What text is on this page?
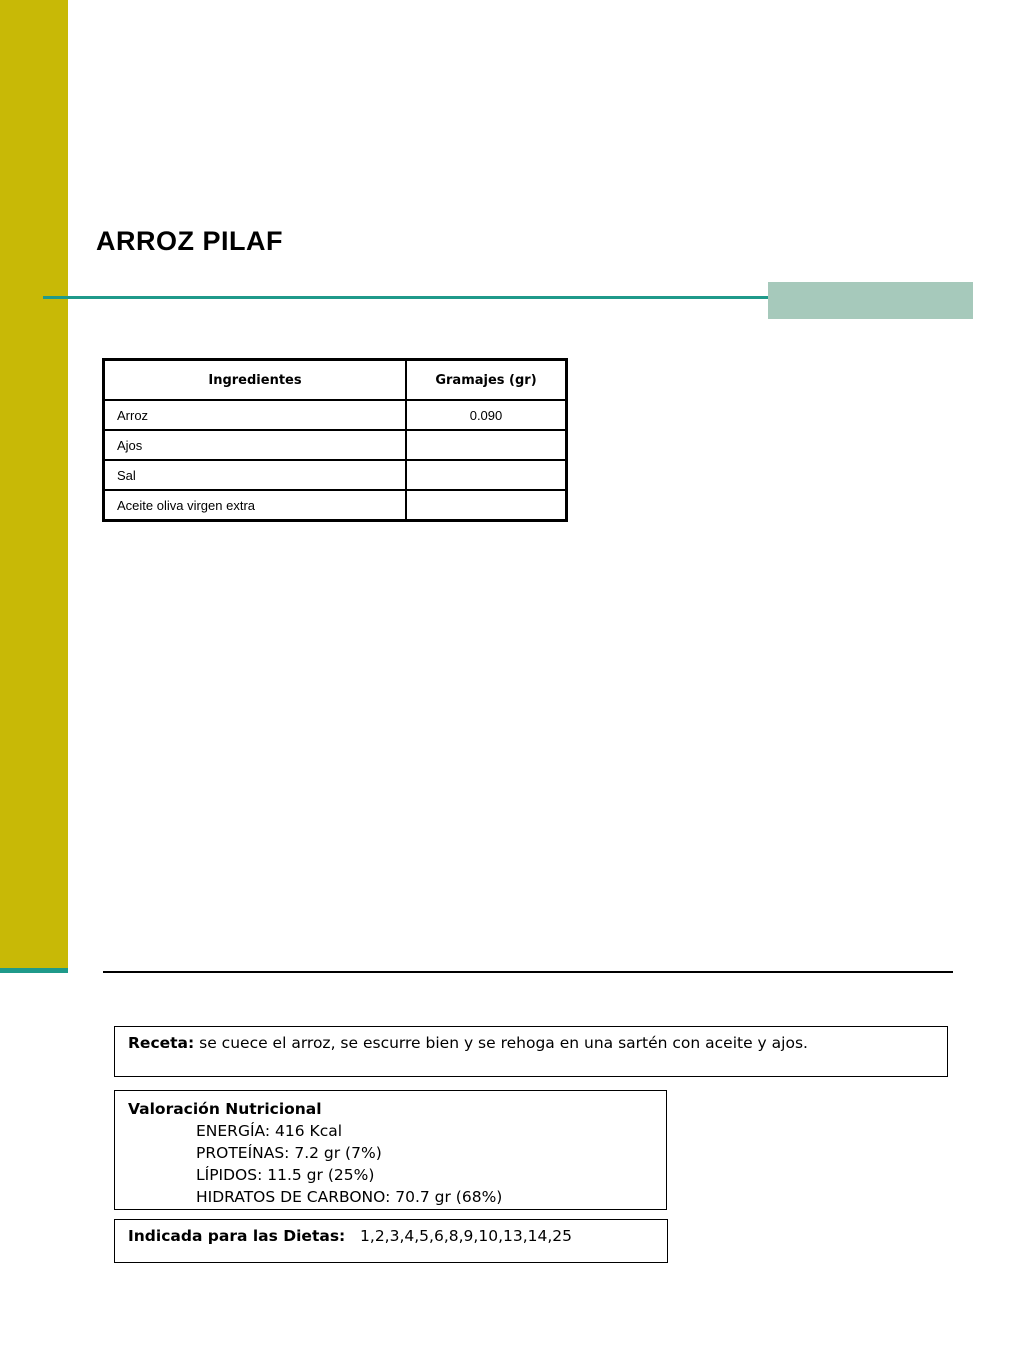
ARROZ PILAF
Ingredientes	Gramajes (gr)
Arroz	0.090
Ajos	
Sal	
Aceite oliva virgen extra	
Receta: se cuece el arroz, se escurre bien y se rehoga en una sartén con aceite y ajos.
Valoración Nutricional
ENERGÍA: 416 Kcal
PROTEÍNAS: 7.2 gr (7%)
LÍPIDOS: 11.5 gr (25%)
HIDRATOS DE CARBONO: 70.7 gr (68%)
Indicada para las Dietas: 1,2,3,4,5,6,8,9,10,13,14,25
